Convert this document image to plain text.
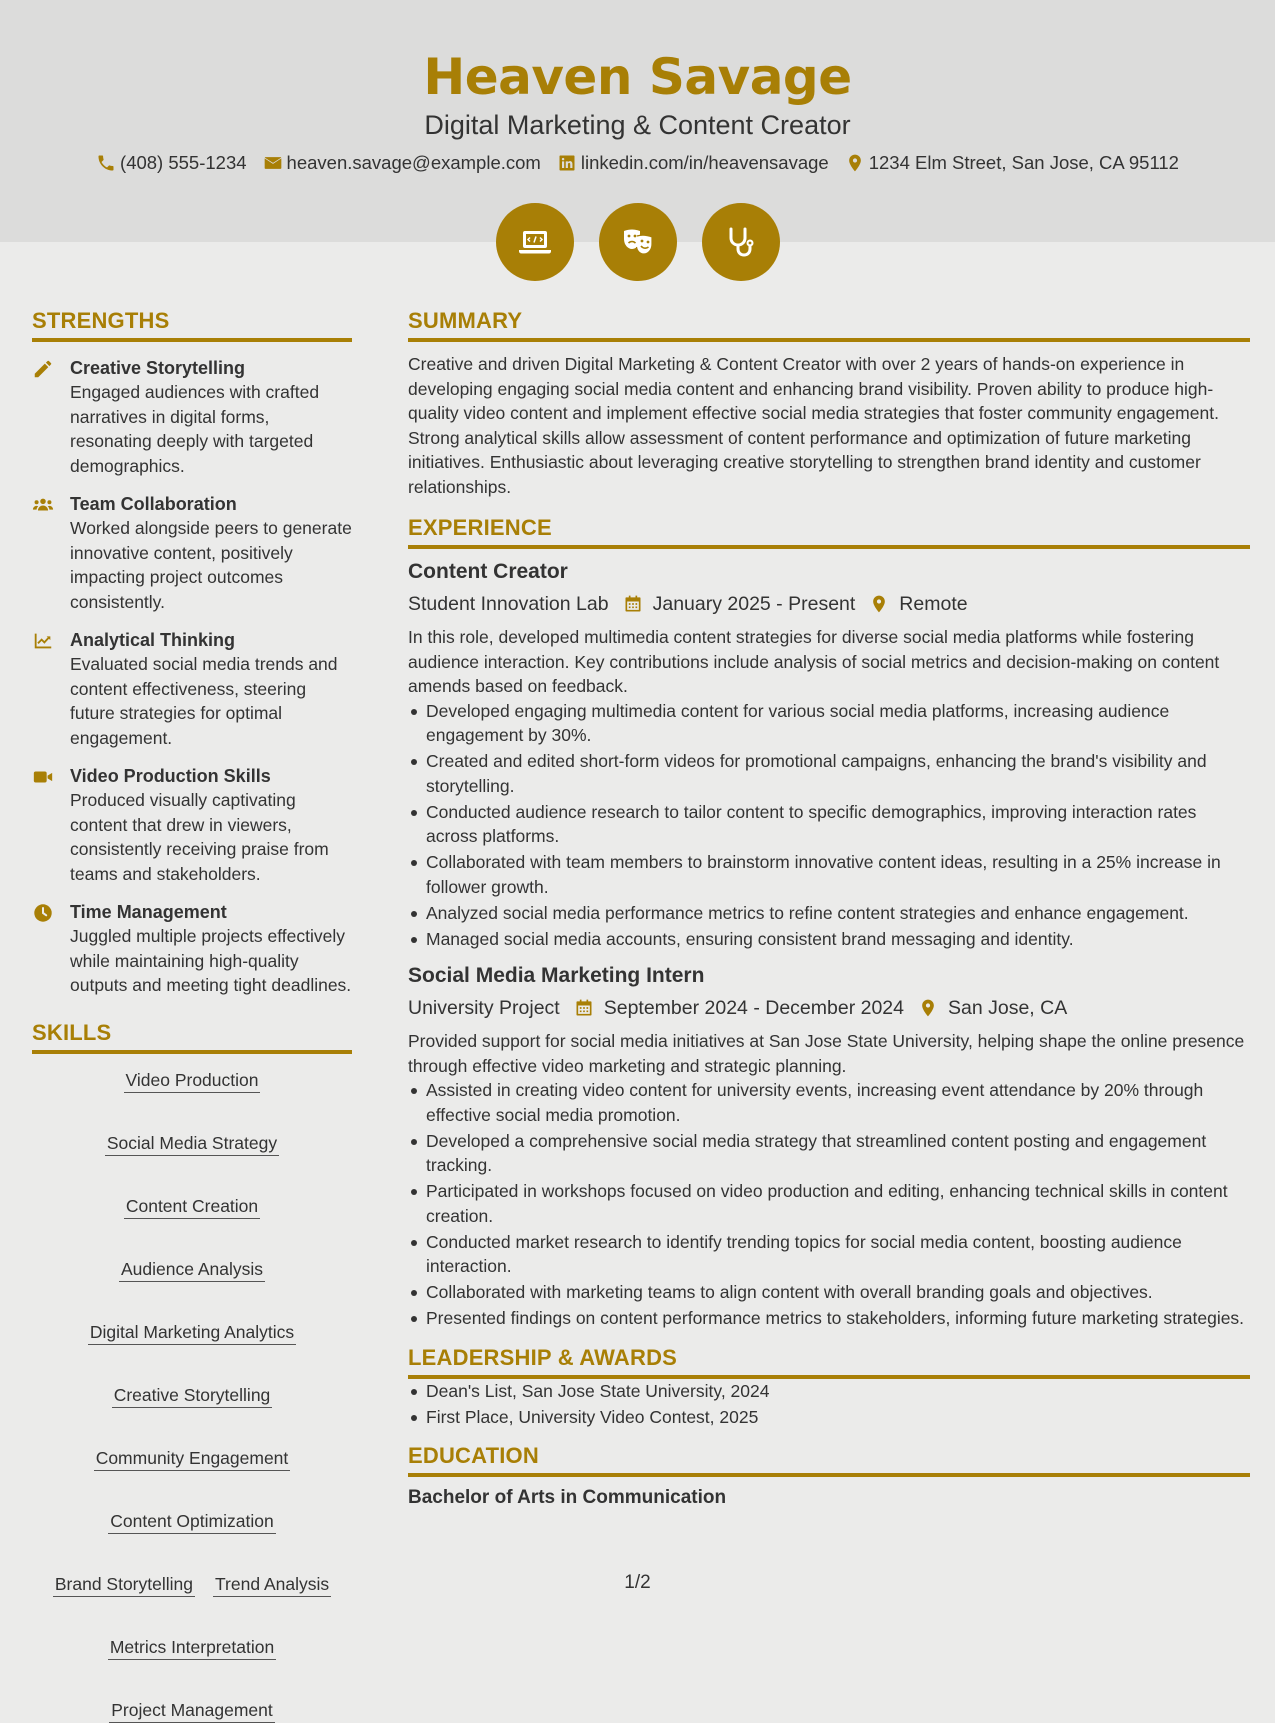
Heaven Savage
Digital Marketing & Content Creator
(408) 555-1234 heaven.savage@example.com linkedin.com/in/heavensavage 1234 Elm Street, San Jose, CA 95112
STRENGTHS
Creative Storytelling
Engaged audiences with crafted narratives in digital forms, resonating deeply with targeted demographics.
Team Collaboration
Worked alongside peers to generate innovative content, positively impacting project outcomes consistently.
Analytical Thinking
Evaluated social media trends and content effectiveness, steering future strategies for optimal engagement.
Video Production Skills
Produced visually captivating content that drew in viewers, consistently receiving praise from teams and stakeholders.
Time Management
Juggled multiple projects effectively while maintaining high-quality outputs and meeting tight deadlines.
SKILLS
Video Production
Social Media Strategy
Content Creation
Audience Analysis
Digital Marketing Analytics
Creative Storytelling
Community Engagement
Content Optimization
Brand Storytelling Trend Analysis
Metrics Interpretation
Project Management
SUMMARY
Creative and driven Digital Marketing & Content Creator with over 2 years of hands-on experience in developing engaging social media content and enhancing brand visibility. Proven ability to produce high-quality video content and implement effective social media strategies that foster community engagement. Strong analytical skills allow assessment of content performance and optimization of future marketing initiatives. Enthusiastic about leveraging creative storytelling to strengthen brand identity and customer relationships.
EXPERIENCE
Content Creator
Student Innovation Lab January 2025 - Present Remote
In this role, developed multimedia content strategies for diverse social media platforms while fostering audience interaction. Key contributions include analysis of social metrics and decision-making on content amends based on feedback.
Developed engaging multimedia content for various social media platforms, increasing audience engagement by 30%.
Created and edited short-form videos for promotional campaigns, enhancing the brand's visibility and storytelling.
Conducted audience research to tailor content to specific demographics, improving interaction rates across platforms.
Collaborated with team members to brainstorm innovative content ideas, resulting in a 25% increase in follower growth.
Analyzed social media performance metrics to refine content strategies and enhance engagement.
Managed social media accounts, ensuring consistent brand messaging and identity.
Social Media Marketing Intern
University Project September 2024 - December 2024 San Jose, CA
Provided support for social media initiatives at San Jose State University, helping shape the online presence through effective video marketing and strategic planning.
Assisted in creating video content for university events, increasing event attendance by 20% through effective social media promotion.
Developed a comprehensive social media strategy that streamlined content posting and engagement tracking.
Participated in workshops focused on video production and editing, enhancing technical skills in content creation.
Conducted market research to identify trending topics for social media content, boosting audience interaction.
Collaborated with marketing teams to align content with overall branding goals and objectives.
Presented findings on content performance metrics to stakeholders, informing future marketing strategies.
LEADERSHIP & AWARDS
Dean's List, San Jose State University, 2024
First Place, University Video Contest, 2025
EDUCATION
Bachelor of Arts in Communication
1/2
